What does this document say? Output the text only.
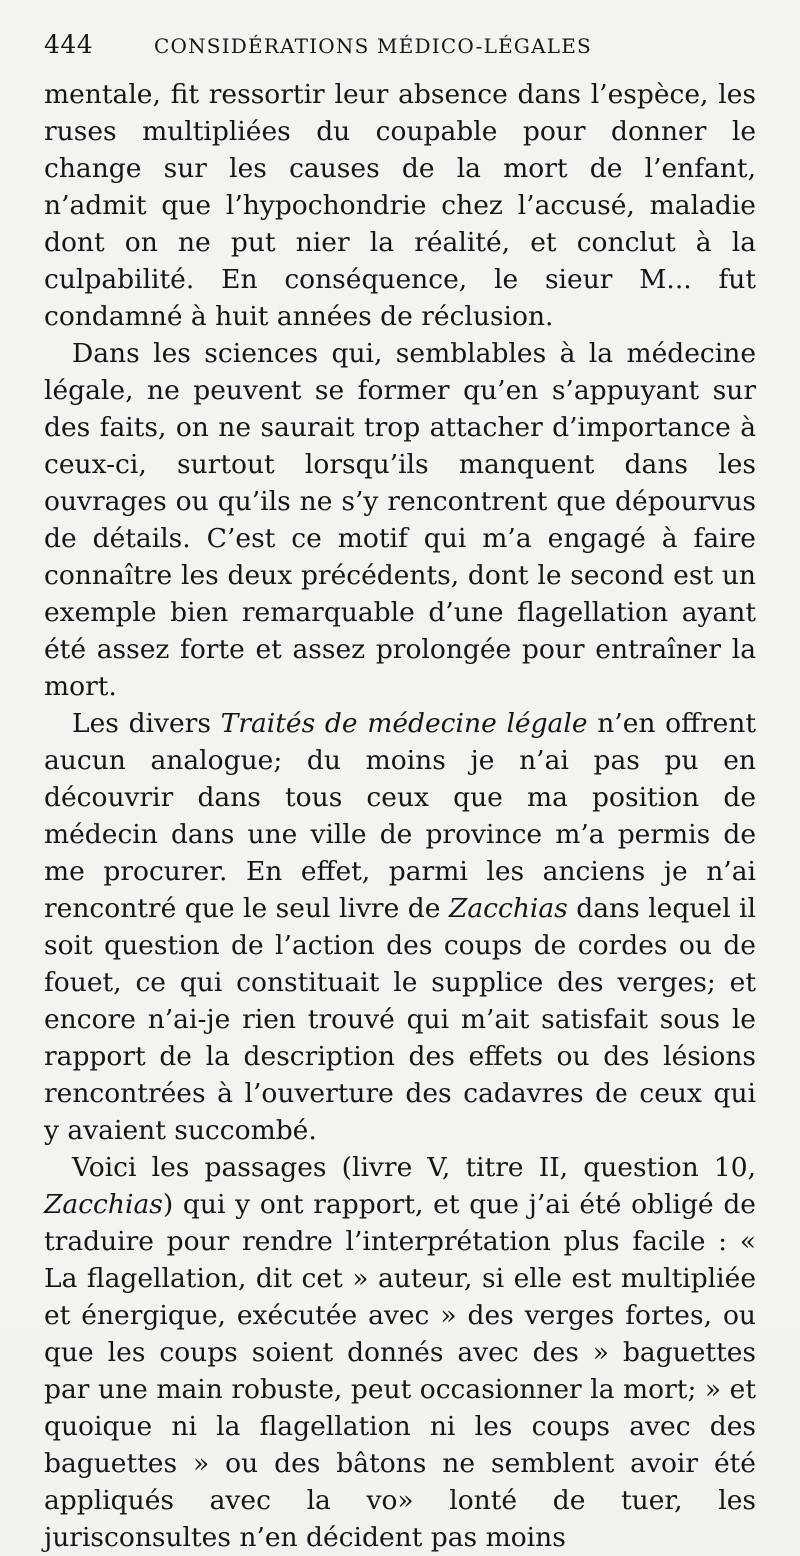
444	CONSIDÉRATIONS MÉDICO-LÉGALES

mentale, fit ressortir leur absence dans l’espèce, les ruses multipliées du coupable pour donner le change sur les causes de la mort de l’enfant, n’admit que l’hypochondrie chez l’accusé, maladie dont on ne put nier la réalité, et conclut à la culpabilité. En conséquence, le sieur M... fut condamné à huit années de réclusion.

Dans les sciences qui, semblables à la médecine légale, ne peuvent se former qu’en s’appuyant sur des faits, on ne saurait trop attacher d’importance à ceux-ci, surtout lorsqu’ils manquent dans les ouvrages ou qu’ils ne s’y rencontrent que dépourvus de détails. C’est ce motif qui m’a engagé à faire connaître les deux précédents, dont le second est un exemple bien remarquable d’une flagellation ayant été assez forte et assez prolongée pour entraîner la mort.

Les divers Traités de médecine légale n’en offrent aucun analogue; du moins je n’ai pas pu en découvrir dans tous ceux que ma position de médecin dans une ville de province m’a permis de me procurer. En effet, parmi les anciens je n’ai rencontré que le seul livre de Zacchias dans lequel il soit question de l’action des coups de cordes ou de fouet, ce qui constituait le supplice des verges; et encore n’ai-je rien trouvé qui m’ait satisfait sous le rapport de la description des effets ou des lésions rencontrées à l’ouverture des cadavres de ceux qui y avaient succombé.

Voici les passages (livre V, titre II, question 10, Zacchias) qui y ont rapport, et que j’ai été obligé de traduire pour rendre l’interprétation plus facile : « La flagellation, dit cet » auteur, si elle est multipliée et énergique, exécutée avec » des verges fortes, ou que les coups soient donnés avec des » baguettes par une main robuste, peut occasionner la mort; » et quoique ni la flagellation ni les coups avec des baguettes » ou des bâtons ne semblent avoir été appliqués avec la vo» lonté de tuer, les jurisconsultes n’en décident pas moins
